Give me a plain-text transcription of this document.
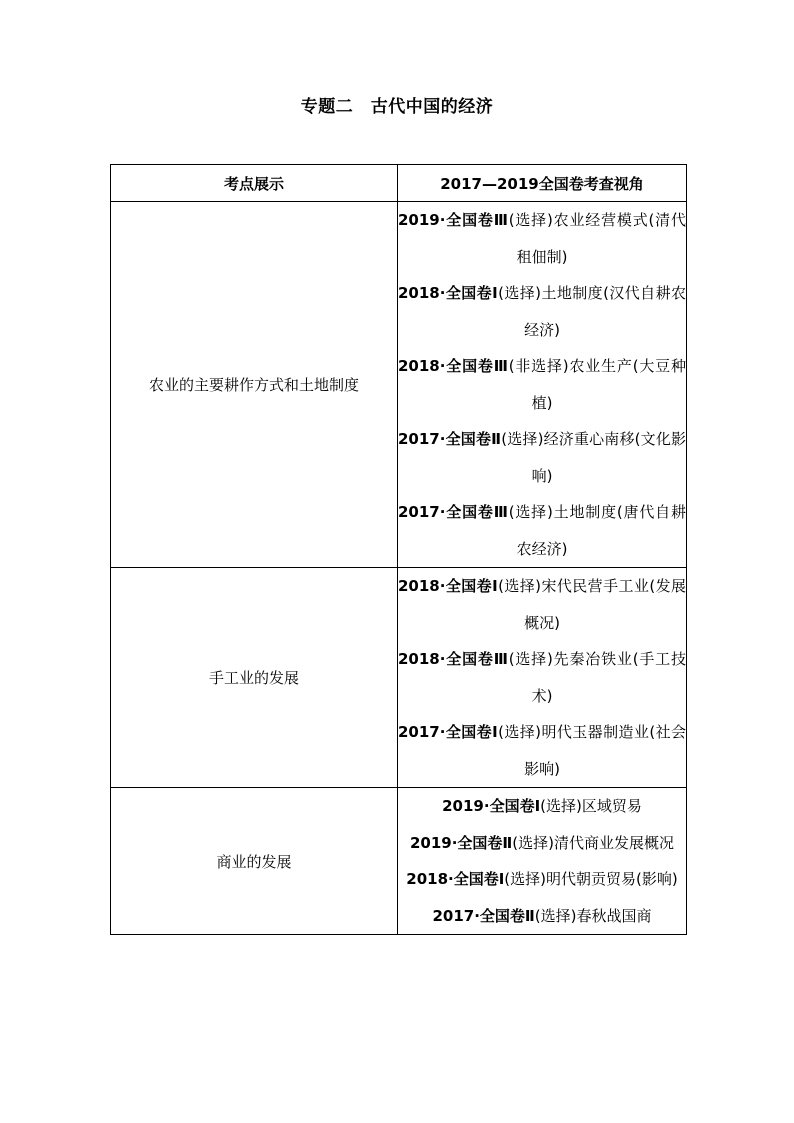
专题二　古代中国的经济
考点展示	2017—2019全国卷考查视角
农业的主要耕作方式和土地制度	2019·全国卷Ⅲ(选择)农业经营模式(清代租佃制)
2018·全国卷Ⅰ(选择)土地制度(汉代自耕农经济)
2018·全国卷Ⅲ(非选择)农业生产(大豆种植)
2017·全国卷Ⅱ(选择)经济重心南移(文化影响)
2017·全国卷Ⅲ(选择)土地制度(唐代自耕农经济)

手工业的发展	2018·全国卷Ⅰ(选择)宋代民营手工业(发展概况)
2018·全国卷Ⅲ(选择)先秦冶铁业(手工技术)
2017·全国卷Ⅰ(选择)明代玉器制造业(社会影响)

商业的发展	2019·全国卷Ⅰ(选择)区域贸易
2019·全国卷Ⅱ(选择)清代商业发展概况
2018·全国卷Ⅰ(选择)明代朝贡贸易(影响)
2017·全国卷Ⅱ(选择)春秋战国商
